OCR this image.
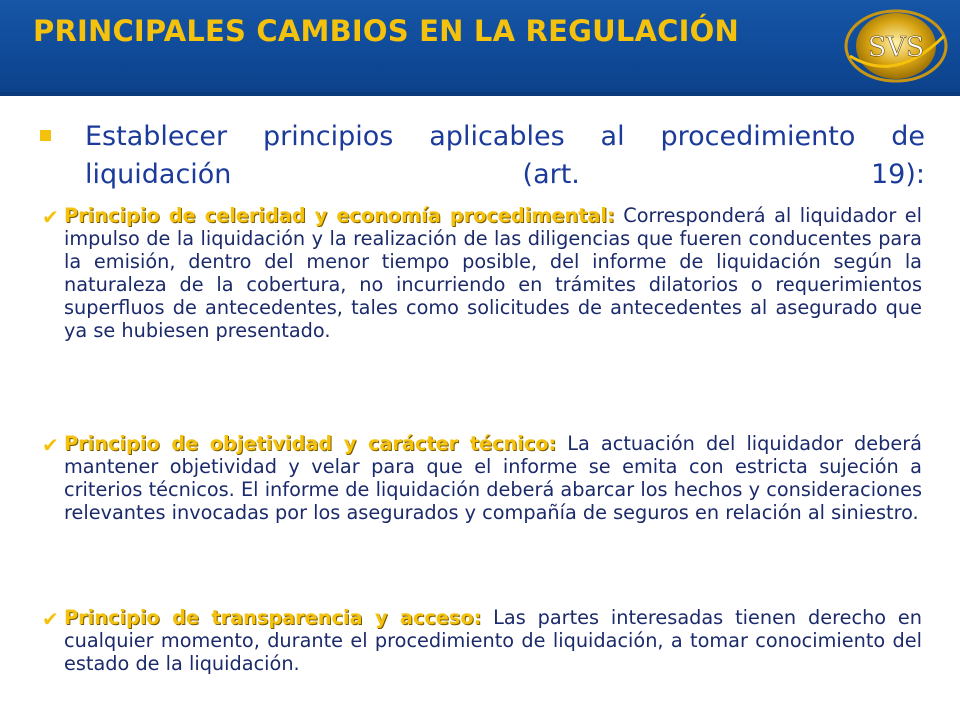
PRINCIPALES CAMBIOS EN LA REGULACIÓN	SVS
Establecer principios aplicables al procedimiento de liquidación (art. 19):
✔ Principio de celeridad y economía procedimental: Corresponderá al liquidador el impulso de la liquidación y la realización de las diligencias que fueren conducentes para la emisión, dentro del menor tiempo posible, del informe de liquidación según la naturaleza de la cobertura, no incurriendo en trámites dilatorios o requerimientos superfluos de antecedentes, tales como solicitudes de antecedentes al asegurado que ya se hubiesen presentado.
✔ Principio de objetividad y carácter técnico: La actuación del liquidador deberá mantener objetividad y velar para que el informe se emita con estricta sujeción a criterios técnicos. El informe de liquidación deberá abarcar los hechos y consideraciones relevantes invocadas por los asegurados y compañía de seguros en relación al siniestro.
✔ Principio de transparencia y acceso: Las partes interesadas tienen derecho en cualquier momento, durante el procedimiento de liquidación, a tomar conocimiento del estado de la liquidación.
